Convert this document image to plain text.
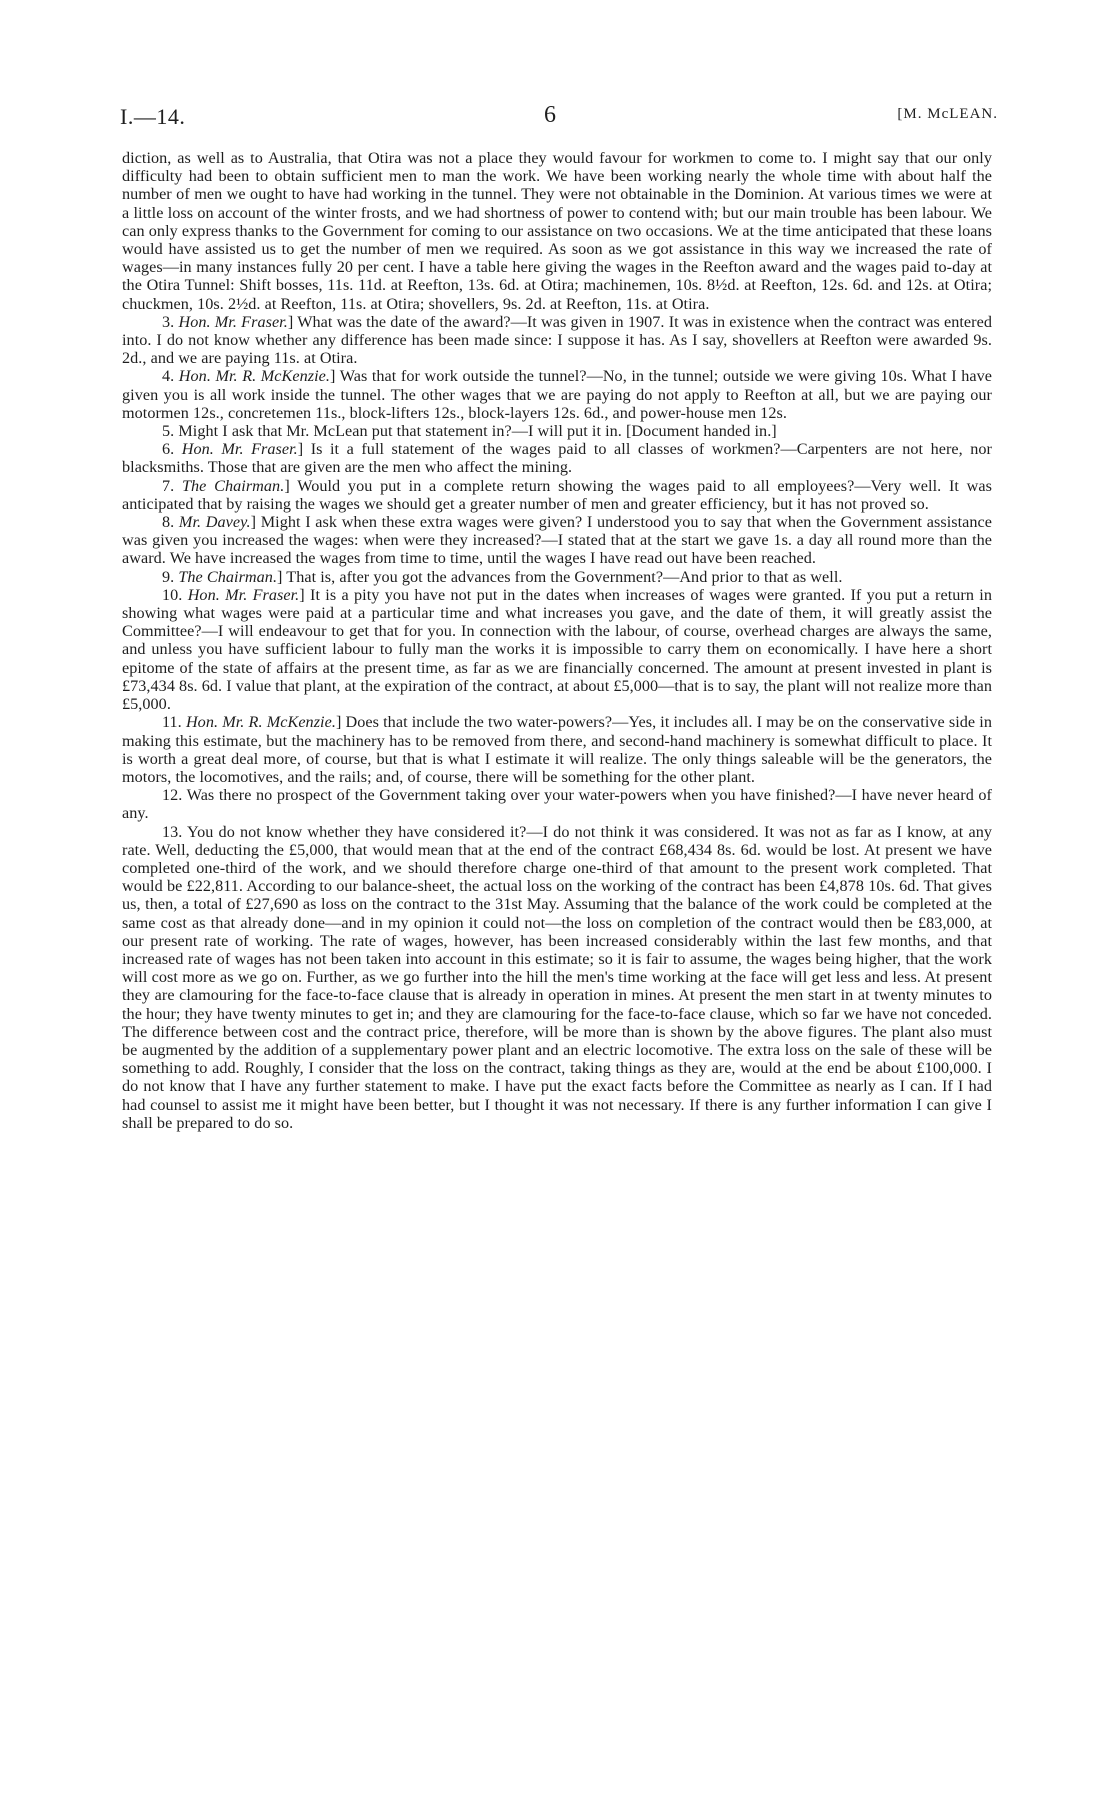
I.—14.	6	[M. McLEAN.

diction, as well as to Australia, that Otira was not a place they would favour for workmen to come to. I might say that our only difficulty had been to obtain sufficient men to man the work. We have been working nearly the whole time with about half the number of men we ought to have had working in the tunnel. They were not obtainable in the Dominion. At various times we were at a little loss on account of the winter frosts, and we had shortness of power to contend with; but our main trouble has been labour. We can only express thanks to the Government for coming to our assistance on two occasions. We at the time anticipated that these loans would have assisted us to get the number of men we required. As soon as we got assistance in this way we increased the rate of wages—in many instances fully 20 per cent. I have a table here giving the wages in the Reefton award and the wages paid to-day at the Otira Tunnel: Shift bosses, 11s. 11d. at Reefton, 13s. 6d. at Otira; machinemen, 10s. 8½d. at Reefton, 12s. 6d. and 12s. at Otira; chuckmen, 10s. 2½d. at Reefton, 11s. at Otira; shovellers, 9s. 2d. at Reefton, 11s. at Otira.

3. Hon. Mr. Fraser.] What was the date of the award?—It was given in 1907. It was in existence when the contract was entered into. I do not know whether any difference has been made since: I suppose it has. As I say, shovellers at Reefton were awarded 9s. 2d., and we are paying 11s. at Otira.

4. Hon. Mr. R. McKenzie.] Was that for work outside the tunnel?—No, in the tunnel; outside we were giving 10s. What I have given you is all work inside the tunnel. The other wages that we are paying do not apply to Reefton at all, but we are paying our motormen 12s., concretemen 11s., block-lifters 12s., block-layers 12s. 6d., and power-house men 12s.

5. Might I ask that Mr. McLean put that statement in?—I will put it in. [Document handed in.]

6. Hon. Mr. Fraser.] Is it a full statement of the wages paid to all classes of workmen?—Carpenters are not here, nor blacksmiths. Those that are given are the men who affect the mining.

7. The Chairman.] Would you put in a complete return showing the wages paid to all employees?—Very well. It was anticipated that by raising the wages we should get a greater number of men and greater efficiency, but it has not proved so.

8. Mr. Davey.] Might I ask when these extra wages were given? I understood you to say that when the Government assistance was given you increased the wages: when were they increased?—I stated that at the start we gave 1s. a day all round more than the award. We have increased the wages from time to time, until the wages I have read out have been reached.

9. The Chairman.] That is, after you got the advances from the Government?—And prior to that as well.

10. Hon. Mr. Fraser.] It is a pity you have not put in the dates when increases of wages were granted. If you put a return in showing what wages were paid at a particular time and what increases you gave, and the date of them, it will greatly assist the Committee?—I will endeavour to get that for you. In connection with the labour, of course, overhead charges are always the same, and unless you have sufficient labour to fully man the works it is impossible to carry them on economically. I have here a short epitome of the state of affairs at the present time, as far as we are financially concerned. The amount at present invested in plant is £73,434 8s. 6d. I value that plant, at the expiration of the contract, at about £5,000—that is to say, the plant will not realize more than £5,000.

11. Hon. Mr. R. McKenzie.] Does that include the two water-powers?—Yes, it includes all. I may be on the conservative side in making this estimate, but the machinery has to be removed from there, and second-hand machinery is somewhat difficult to place. It is worth a great deal more, of course, but that is what I estimate it will realize. The only things saleable will be the generators, the motors, the locomotives, and the rails; and, of course, there will be something for the other plant.

12. Was there no prospect of the Government taking over your water-powers when you have finished?—I have never heard of any.

13. You do not know whether they have considered it?—I do not think it was considered. It was not as far as I know, at any rate. Well, deducting the £5,000, that would mean that at the end of the contract £68,434 8s. 6d. would be lost. At present we have completed one-third of the work, and we should therefore charge one-third of that amount to the present work completed. That would be £22,811. According to our balance-sheet, the actual loss on the working of the contract has been £4,878 10s. 6d. That gives us, then, a total of £27,690 as loss on the contract to the 31st May. Assuming that the balance of the work could be completed at the same cost as that already done—and in my opinion it could not—the loss on completion of the contract would then be £83,000, at our present rate of working. The rate of wages, however, has been increased considerably within the last few months, and that increased rate of wages has not been taken into account in this estimate; so it is fair to assume, the wages being higher, that the work will cost more as we go on. Further, as we go further into the hill the men's time working at the face will get less and less. At present they are clamouring for the face-to-face clause that is already in operation in mines. At present the men start in at twenty minutes to the hour; they have twenty minutes to get in; and they are clamouring for the face-to-face clause, which so far we have not conceded. The difference between cost and the contract price, therefore, will be more than is shown by the above figures. The plant also must be augmented by the addition of a supplementary power plant and an electric locomotive. The extra loss on the sale of these will be something to add. Roughly, I consider that the loss on the contract, taking things as they are, would at the end be about £100,000. I do not know that I have any further statement to make. I have put the exact facts before the Committee as nearly as I can. If I had had counsel to assist me it might have been better, but I thought it was not necessary. If there is any further information I can give I shall be prepared to do so.
